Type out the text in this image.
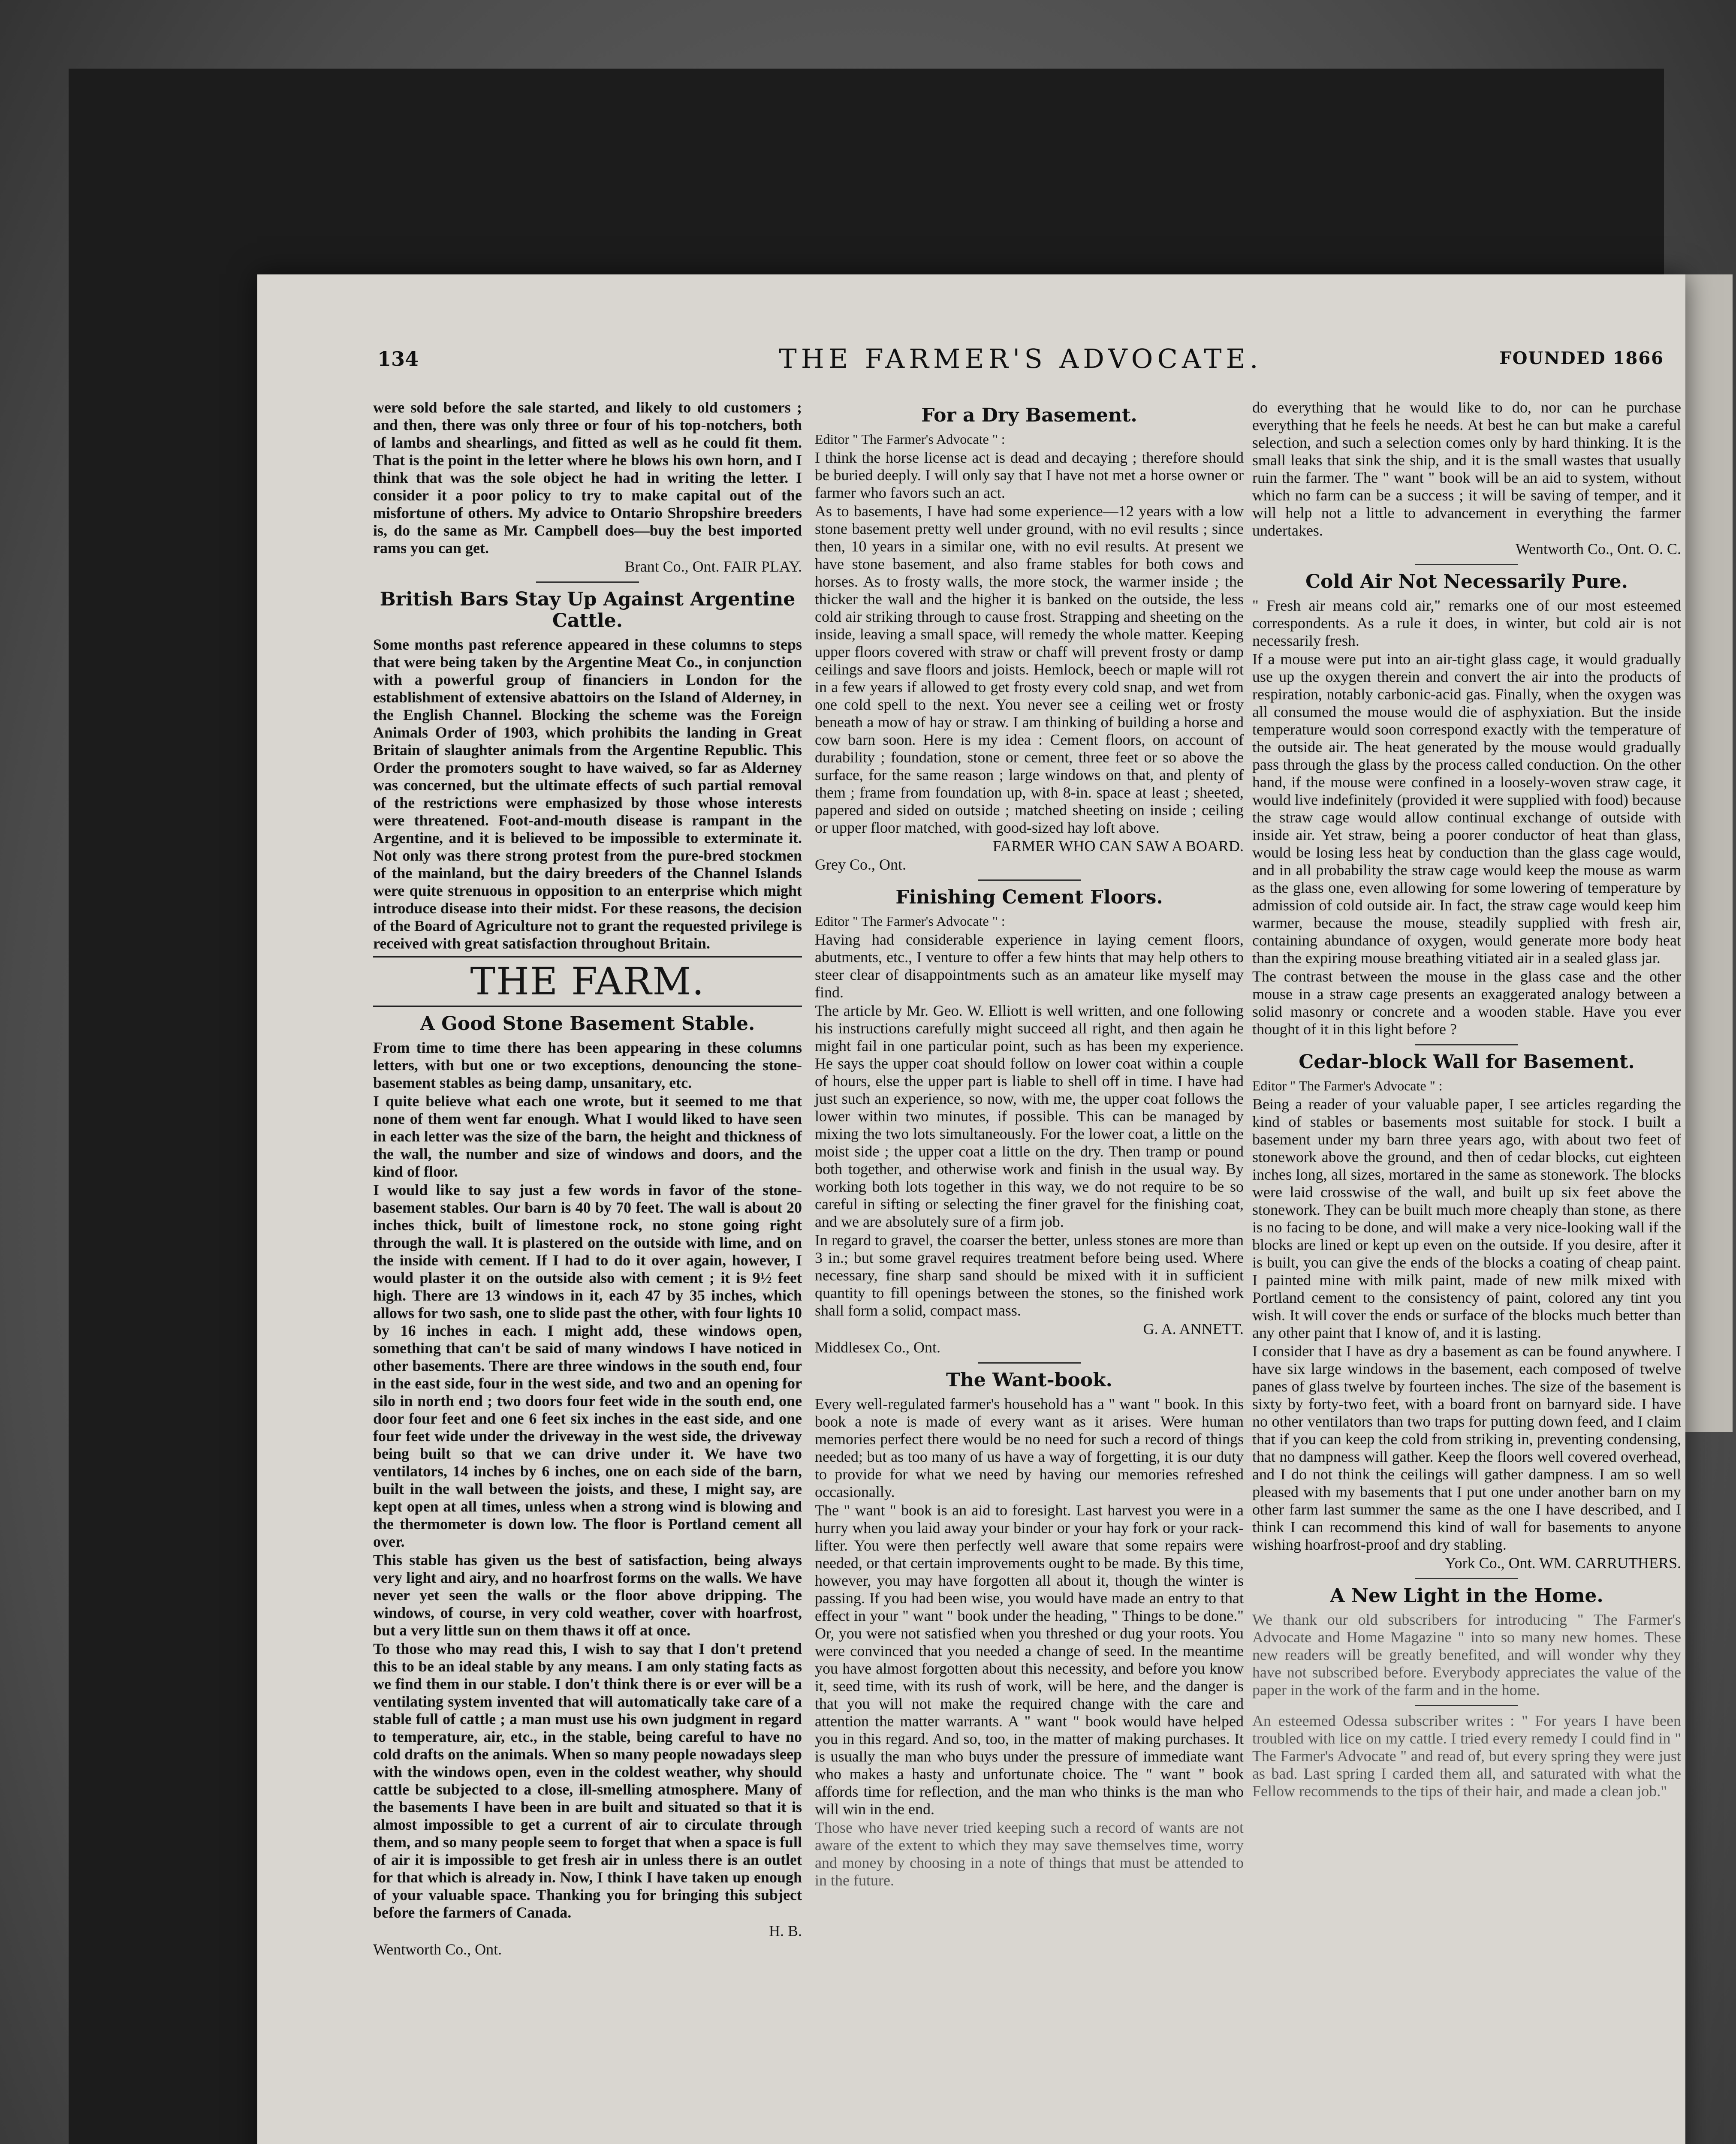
134	THE FARMER'S ADVOCATE.	FOUNDED 1866

were sold before the sale started, and likely to old customers ; and then, there was only three or four of his top-notchers, both of lambs and shearlings, and fitted as well as he could fit them. That is the point in the letter where he blows his own horn, and I think that was the sole object he had in writing the letter. I consider it a poor policy to try to make capital out of the misfortune of others. My advice to Ontario Shropshire breeders is, do the same as Mr. Campbell does—buy the best imported rams you can get.

Brant Co., Ont. FAIR PLAY.

British Bars Stay Up Against Argentine Cattle.

Some months past reference appeared in these columns to steps that were being taken by the Argentine Meat Co., in conjunction with a powerful group of financiers in London for the establishment of extensive abattoirs on the Island of Alderney, in the English Channel. Blocking the scheme was the Foreign Animals Order of 1903, which prohibits the landing in Great Britain of slaughter animals from the Argentine Republic. This Order the promoters sought to have waived, so far as Alderney was concerned, but the ultimate effects of such partial removal of the restrictions were emphasized by those whose interests were threatened. Foot-and-mouth disease is rampant in the Argentine, and it is believed to be impossible to exterminate it. Not only was there strong protest from the pure-bred stockmen of the mainland, but the dairy breeders of the Channel Islands were quite strenuous in opposition to an enterprise which might introduce disease into their midst. For these reasons, the decision of the Board of Agriculture not to grant the requested privilege is received with great satisfaction throughout Britain.

THE FARM.
A Good Stone Basement Stable.

From time to time there has been appearing in these columns letters, with but one or two exceptions, denouncing the stone-basement stables as being damp, unsanitary, etc.

I quite believe what each one wrote, but it seemed to me that none of them went far enough. What I would liked to have seen in each letter was the size of the barn, the height and thickness of the wall, the number and size of windows and doors, and the kind of floor.

I would like to say just a few words in favor of the stone-basement stables. Our barn is 40 by 70 feet. The wall is about 20 inches thick, built of limestone rock, no stone going right through the wall. It is plastered on the outside with lime, and on the inside with cement. If I had to do it over again, however, I would plaster it on the outside also with cement ; it is 9½ feet high. There are 13 windows in it, each 47 by 35 inches, which allows for two sash, one to slide past the other, with four lights 10 by 16 inches in each. I might add, these windows open, something that can't be said of many windows I have noticed in other basements. There are three windows in the south end, four in the east side, four in the west side, and two and an opening for silo in north end ; two doors four feet wide in the south end, one door four feet and one 6 feet six inches in the east side, and one four feet wide under the driveway in the west side, the driveway being built so that we can drive under it. We have two ventilators, 14 inches by 6 inches, one on each side of the barn, built in the wall between the joists, and these, I might say, are kept open at all times, unless when a strong wind is blowing and the thermometer is down low. The floor is Portland cement all over.

This stable has given us the best of satisfaction, being always very light and airy, and no hoarfrost forms on the walls. We have never yet seen the walls or the floor above dripping. The windows, of course, in very cold weather, cover with hoarfrost, but a very little sun on them thaws it off at once.

To those who may read this, I wish to say that I don't pretend this to be an ideal stable by any means. I am only stating facts as we find them in our stable. I don't think there is or ever will be a ventilating system invented that will automatically take care of a stable full of cattle ; a man must use his own judgment in regard to temperature, air, etc., in the stable, being careful to have no cold drafts on the animals. When so many people nowadays sleep with the windows open, even in the coldest weather, why should cattle be subjected to a close, ill-smelling atmosphere. Many of the basements I have been in are built and situated so that it is almost impossible to get a current of air to circulate through them, and so many people seem to forget that when a space is full of air it is impossible to get fresh air in unless there is an outlet for that which is already in. Now, I think I have taken up enough of your valuable space. Thanking you for bringing this subject before the farmers of Canada.

H. B.

Wentworth Co., Ont.

For a Dry Basement.

Editor " The Farmer's Advocate " :

I think the horse license act is dead and decaying ; therefore should be buried deeply. I will only say that I have not met a horse owner or farmer who favors such an act.

As to basements, I have had some experience—12 years with a low stone basement pretty well under ground, with no evil results ; since then, 10 years in a similar one, with no evil results. At present we have stone basement, and also frame stables for both cows and horses. As to frosty walls, the more stock, the warmer inside ; the thicker the wall and the higher it is banked on the outside, the less cold air striking through to cause frost. Strapping and sheeting on the inside, leaving a small space, will remedy the whole matter. Keeping upper floors covered with straw or chaff will prevent frosty or damp ceilings and save floors and joists. Hemlock, beech or maple will rot in a few years if allowed to get frosty every cold snap, and wet from one cold spell to the next. You never see a ceiling wet or frosty beneath a mow of hay or straw. I am thinking of building a horse and cow barn soon. Here is my idea : Cement floors, on account of durability ; foundation, stone or cement, three feet or so above the surface, for the same reason ; large windows on that, and plenty of them ; frame from foundation up, with 8-in. space at least ; sheeted, papered and sided on outside ; matched sheeting on inside ; ceiling or upper floor matched, with good-sized hay loft above.

FARMER WHO CAN SAW A BOARD.

Grey Co., Ont.

Finishing Cement Floors.

Editor " The Farmer's Advocate " :

Having had considerable experience in laying cement floors, abutments, etc., I venture to offer a few hints that may help others to steer clear of disappointments such as an amateur like myself may find.

The article by Mr. Geo. W. Elliott is well written, and one following his instructions carefully might succeed all right, and then again he might fail in one particular point, such as has been my experience. He says the upper coat should follow on lower coat within a couple of hours, else the upper part is liable to shell off in time. I have had just such an experience, so now, with me, the upper coat follows the lower within two minutes, if possible. This can be managed by mixing the two lots simultaneously. For the lower coat, a little on the moist side ; the upper coat a little on the dry. Then tramp or pound both together, and otherwise work and finish in the usual way. By working both lots together in this way, we do not require to be so careful in sifting or selecting the finer gravel for the finishing coat, and we are absolutely sure of a firm job.

In regard to gravel, the coarser the better, unless stones are more than 3 in.; but some gravel requires treatment before being used. Where necessary, fine sharp sand should be mixed with it in sufficient quantity to fill openings between the stones, so the finished work shall form a solid, compact mass.

G. A. ANNETT.

Middlesex Co., Ont.

The Want-book.

Every well-regulated farmer's household has a " want " book. In this book a note is made of every want as it arises. Were human memories perfect there would be no need for such a record of things needed; but as too many of us have a way of forgetting, it is our duty to provide for what we need by having our memories refreshed occasionally.

The " want " book is an aid to foresight. Last harvest you were in a hurry when you laid away your binder or your hay fork or your rack-lifter. You were then perfectly well aware that some repairs were needed, or that certain improvements ought to be made. By this time, however, you may have forgotten all about it, though the winter is passing. If you had been wise, you would have made an entry to that effect in your " want " book under the heading, " Things to be done." Or, you were not satisfied when you threshed or dug your roots. You were convinced that you needed a change of seed. In the meantime you have almost forgotten about this necessity, and before you know it, seed time, with its rush of work, will be here, and the danger is that you will not make the required change with the care and attention the matter warrants. A " want " book would have helped you in this regard. And so, too, in the matter of making purchases. It is usually the man who buys under the pressure of immediate want who makes a hasty and unfortunate choice. The " want " book affords time for reflection, and the man who thinks is the man who will win in the end.

Those who have never tried keeping such a record of wants are not aware of the extent to which they may save themselves time, worry and money by choosing in a note of things that must be attended to in the future.

do everything that he would like to do, nor can he purchase everything that he feels he needs. At best he can but make a careful selection, and such a selection comes only by hard thinking. It is the small leaks that sink the ship, and it is the small wastes that usually ruin the farmer. The " want " book will be an aid to system, without which no farm can be a success ; it will be saving of temper, and it will help not a little to advancement in everything the farmer undertakes.

Wentworth Co., Ont. O. C.

Cold Air Not Necessarily Pure.

" Fresh air means cold air," remarks one of our most esteemed correspondents. As a rule it does, in winter, but cold air is not necessarily fresh.

If a mouse were put into an air-tight glass cage, it would gradually use up the oxygen therein and convert the air into the products of respiration, notably carbonic-acid gas. Finally, when the oxygen was all consumed the mouse would die of asphyxiation. But the inside temperature would soon correspond exactly with the temperature of the outside air. The heat generated by the mouse would gradually pass through the glass by the process called conduction. On the other hand, if the mouse were confined in a loosely-woven straw cage, it would live indefinitely (provided it were supplied with food) because the straw cage would allow continual exchange of outside with inside air. Yet straw, being a poorer conductor of heat than glass, would be losing less heat by conduction than the glass cage would, and in all probability the straw cage would keep the mouse as warm as the glass one, even allowing for some lowering of temperature by admission of cold outside air. In fact, the straw cage would keep him warmer, because the mouse, steadily supplied with fresh air, containing abundance of oxygen, would generate more body heat than the expiring mouse breathing vitiated air in a sealed glass jar.

The contrast between the mouse in the glass case and the other mouse in a straw cage presents an exaggerated analogy between a solid masonry or concrete and a wooden stable. Have you ever thought of it in this light before ?

Cedar-block Wall for Basement.

Editor " The Farmer's Advocate " :

Being a reader of your valuable paper, I see articles regarding the kind of stables or basements most suitable for stock. I built a basement under my barn three years ago, with about two feet of stonework above the ground, and then of cedar blocks, cut eighteen inches long, all sizes, mortared in the same as stonework. The blocks were laid crosswise of the wall, and built up six feet above the stonework. They can be built much more cheaply than stone, as there is no facing to be done, and will make a very nice-looking wall if the blocks are lined or kept up even on the outside. If you desire, after it is built, you can give the ends of the blocks a coating of cheap paint. I painted mine with milk paint, made of new milk mixed with Portland cement to the consistency of paint, colored any tint you wish. It will cover the ends or surface of the blocks much better than any other paint that I know of, and it is lasting.

I consider that I have as dry a basement as can be found anywhere. I have six large windows in the basement, each composed of twelve panes of glass twelve by fourteen inches. The size of the basement is sixty by forty-two feet, with a board front on barnyard side. I have no other ventilators than two traps for putting down feed, and I claim that if you can keep the cold from striking in, preventing condensing, that no dampness will gather. Keep the floors well covered overhead, and I do not think the ceilings will gather dampness. I am so well pleased with my basements that I put one under another barn on my other farm last summer the same as the one I have described, and I think I can recommend this kind of wall for basements to anyone wishing hoarfrost-proof and dry stabling.

York Co., Ont. WM. CARRUTHERS.

A New Light in the Home.

We thank our old subscribers for introducing " The Farmer's Advocate and Home Magazine " into so many new homes. These new readers will be greatly benefited, and will wonder why they have not subscribed before. Everybody appreciates the value of the paper in the work of the farm and in the home.

An esteemed Odessa subscriber writes : " For years I have been troubled with lice on my cattle. I tried every remedy I could find in " The Farmer's Advocate " and read of, but every spring they were just as bad. Last spring I carded them all, and saturated with what the Fellow recommends to the tips of their hair, and made a clean job."
